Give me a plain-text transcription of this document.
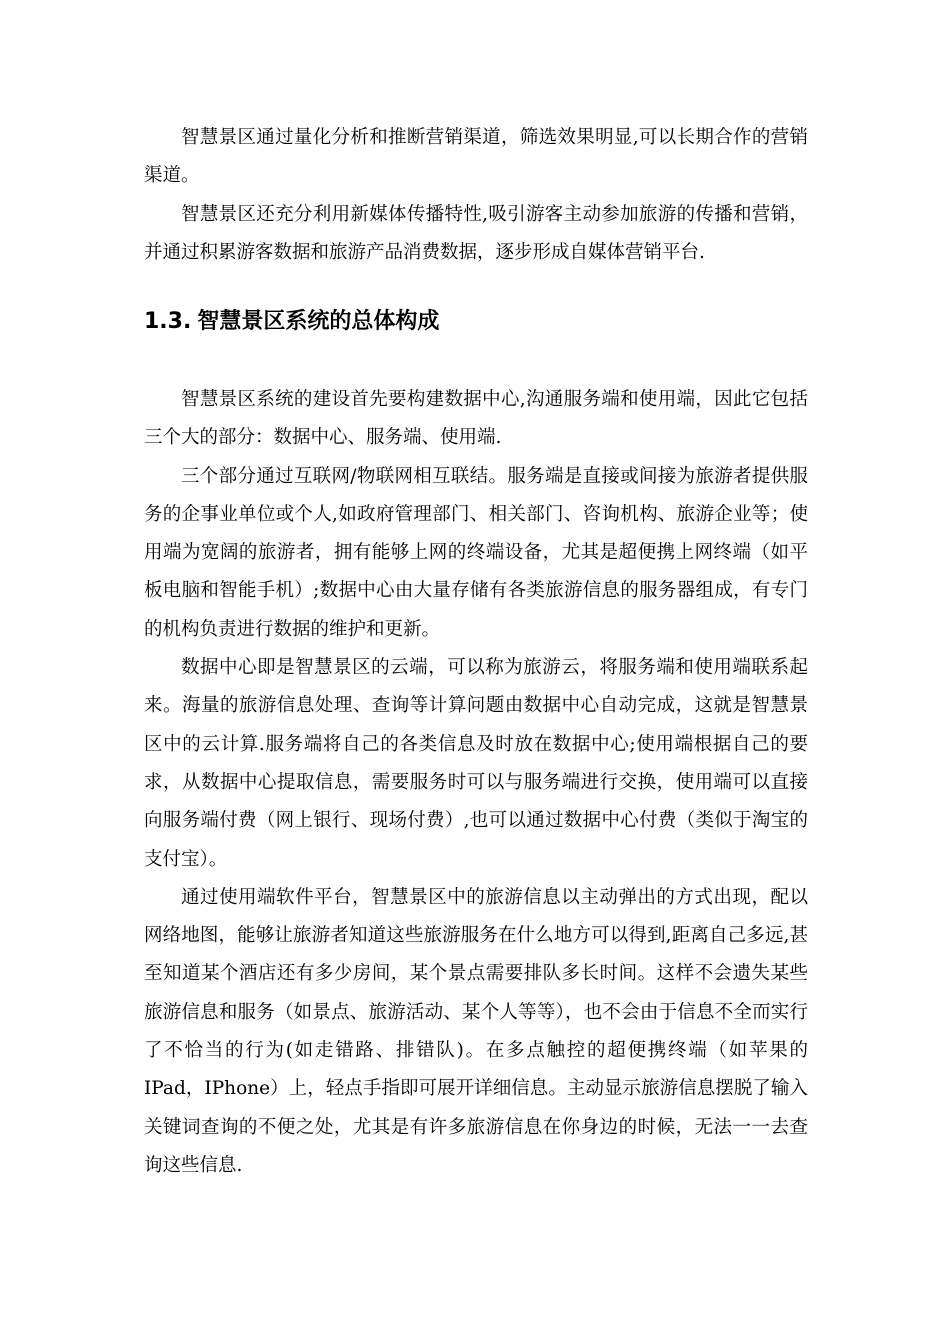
智慧景区通过量化分析和推断营销渠道，筛选效果明显,可以长期合作的营销渠道。

智慧景区还充分利用新媒体传播特性,吸引游客主动参加旅游的传播和营销，并通过积累游客数据和旅游产品消费数据，逐步形成自媒体营销平台.

1.3. 智慧景区系统的总体构成

智慧景区系统的建设首先要构建数据中心,沟通服务端和使用端，因此它包括三个大的部分：数据中心、服务端、使用端.

三个部分通过互联网/物联网相互联结。服务端是直接或间接为旅游者提供服务的企事业单位或个人,如政府管理部门、相关部门、咨询机构、旅游企业等；使用端为宽阔的旅游者，拥有能够上网的终端设备，尤其是超便携上网终端（如平板电脑和智能手机）;数据中心由大量存储有各类旅游信息的服务器组成，有专门的机构负责进行数据的维护和更新。

数据中心即是智慧景区的云端，可以称为旅游云，将服务端和使用端联系起来。海量的旅游信息处理、查询等计算问题由数据中心自动完成，这就是智慧景区中的云计算.服务端将自己的各类信息及时放在数据中心;使用端根据自己的要求，从数据中心提取信息，需要服务时可以与服务端进行交换，使用端可以直接向服务端付费（网上银行、现场付费）,也可以通过数据中心付费（类似于淘宝的支付宝）。

通过使用端软件平台，智慧景区中的旅游信息以主动弹出的方式出现，配以网络地图，能够让旅游者知道这些旅游服务在什么地方可以得到,距离自己多远,甚至知道某个酒店还有多少房间，某个景点需要排队多长时间。这样不会遗失某些旅游信息和服务（如景点、旅游活动、某个人等等），也不会由于信息不全而实行了不恰当的行为(如走错路、排错队)。在多点触控的超便携终端（如苹果的IPad，IPhone）上，轻点手指即可展开详细信息。主动显示旅游信息摆脱了输入关键词查询的不便之处，尤其是有许多旅游信息在你身边的时候，无法一一去查询这些信息.
